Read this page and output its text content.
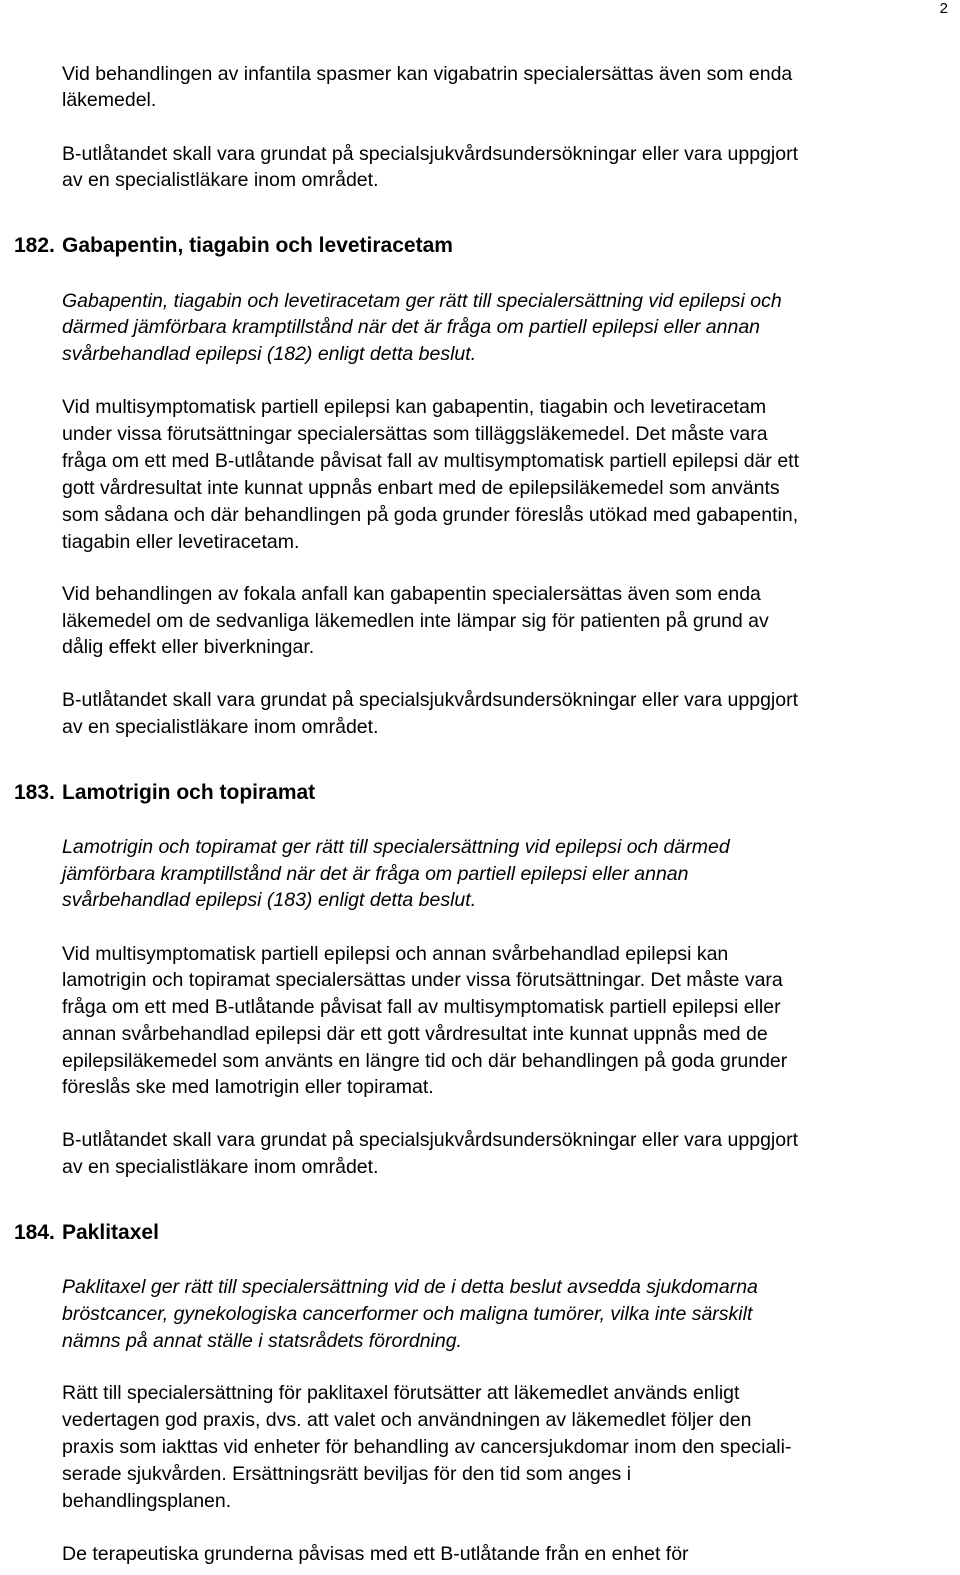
2
Vid behandlingen av infantila spasmer kan vigabatrin specialersättas även som enda
läkemedel.
B-utlåtandet skall vara grundat på specialsjukvårdsundersökningar eller vara uppgjort
av en specialistläkare inom området.
182. Gabapentin, tiagabin och levetiracetam
Gabapentin, tiagabin och levetiracetam ger rätt till specialersättning vid epilepsi och
därmed jämförbara kramptillstånd när det är fråga om partiell epilepsi eller annan
svårbehandlad epilepsi (182) enligt detta beslut.
Vid multisymptomatisk partiell epilepsi kan gabapentin, tiagabin och levetiracetam
under vissa förutsättningar specialersättas som tilläggsläkemedel. Det måste vara
fråga om ett med B-utlåtande påvisat fall av multisymptomatisk partiell epilepsi där ett
gott vårdresultat inte kunnat uppnås enbart med de epilepsiläkemedel som använts
som sådana och där behandlingen på goda grunder föreslås utökad med gabapentin,
tiagabin eller levetiracetam.
Vid behandlingen av fokala anfall kan gabapentin specialersättas även som enda
läkemedel om de sedvanliga läkemedlen inte lämpar sig för patienten på grund av
dålig effekt eller biverkningar.
B-utlåtandet skall vara grundat på specialsjukvårdsundersökningar eller vara uppgjort
av en specialistläkare inom området.
183. Lamotrigin och topiramat
Lamotrigin och topiramat ger rätt till specialersättning vid epilepsi och därmed
jämförbara kramptillstånd när det är fråga om partiell epilepsi eller annan
svårbehandlad epilepsi (183) enligt detta beslut.
Vid multisymptomatisk partiell epilepsi och annan svårbehandlad epilepsi kan
lamotrigin och topiramat specialersättas under vissa förutsättningar. Det måste vara
fråga om ett med B-utlåtande påvisat fall av multisymptomatisk partiell epilepsi eller
annan svårbehandlad epilepsi där ett gott vårdresultat inte kunnat uppnås med de
epilepsiläkemedel som använts en längre tid och där behandlingen på goda grunder
föreslås ske med lamotrigin eller topiramat.
B-utlåtandet skall vara grundat på specialsjukvårdsundersökningar eller vara uppgjort
av en specialistläkare inom området.
184. Paklitaxel
Paklitaxel ger rätt till specialersättning vid de i detta beslut avsedda sjukdomarna
bröstcancer, gynekologiska cancerformer och maligna tumörer, vilka inte särskilt
nämns på annat ställe i statsrådets förordning.
Rätt till specialersättning för paklitaxel förutsätter att läkemedlet används enligt
vedertagen god praxis, dvs. att valet och användningen av läkemedlet följer den
praxis som iakttas vid enheter för behandling av cancersjukdomar inom den speciali-
serade sjukvården. Ersättningsrätt beviljas för den tid som anges i
behandlingsplanen.
De terapeutiska grunderna påvisas med ett B-utlåtande från en enhet för
